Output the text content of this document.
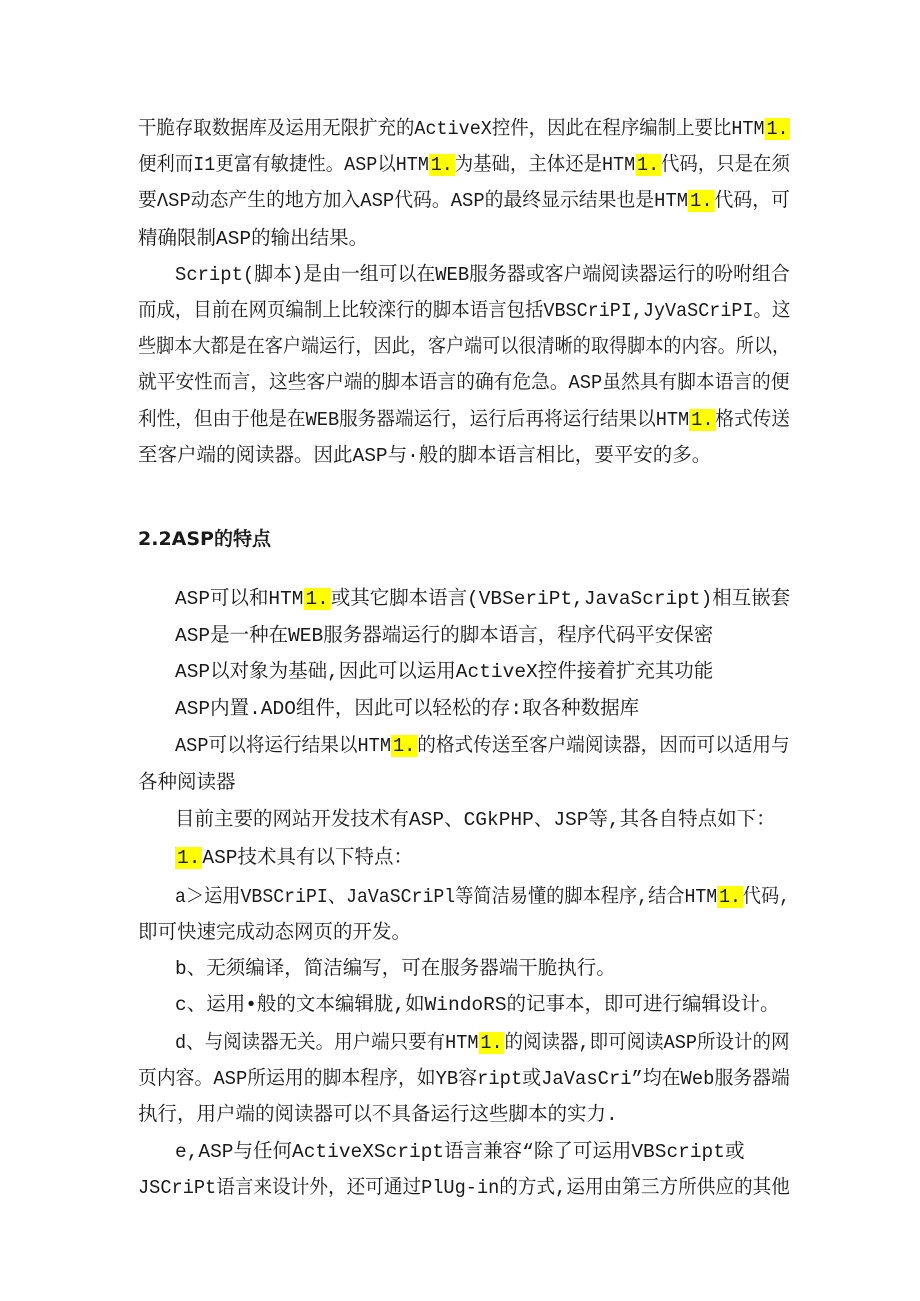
干脆存取数据库及运用无限扩充的ActiveX控件，因此在程序编制上要比HTM1.
便利而I1更富有敏捷性。ASP以HTM1.为基础，主体还是HTM1.代码，只是在须
要ΛSP动态产生的地方加入ASP代码。ASP的最终显示结果也是HTM1.代码，可
精确限制ASP的输出结果。
Script(脚本)是由一组可以在WEB服务器或客户端阅读器运行的吩咐组合
而成，目前在网页编制上比较滦行的脚本语言包括VBSCriPI,JyVaSCriPI。这
些脚本大都是在客户端运行，因此，客户端可以很清晰的取得脚本的内容。所以，
就平安性而言，这些客户端的脚本语言的确有危急。ASP虽然具有脚本语言的便
利性，但由于他是在WEB服务器端运行，运行后再将运行结果以HTM1.格式传送
至客户端的阅读器。因此ASP与·般的脚本语言相比，要平安的多。
2.2ASP的特点
ASP可以和HTM 1. 或其它脚本语言(VBSeriPt,JavaScript)相互嵌套
ASP是一种在WEB服务器端运行的脚本语言，程序代码平安保密
ASP以对象为基础,因此可以运用ActiveX控件接着扩充其功能
ASP内置.ADO组件，因此可以轻松的存:取各种数据库
ASP可以将运行结果以HTM1.的格式传送至客户端阅读器，因而可以适用与
各种阅读器
目前主要的网站开发技术有ASP、CGkPHP、JSP等,其各自特点如下：
1. ASP技术具有以下特点：
a＞运用VBSCriPI、JaVaSCriPl等简洁易懂的脚本程序,结合HTM1.代码,
即可快速完成动态网页的开发。
b、无须编译，简洁编写，可在服务器端干脆执行。
c、运用•般的文本编辑胧,如WindoRS的记事本，即可进行编辑设计。
d、与阅读器无关。用户端只要有HTM1.的阅读器,即可阅读ASP所设计的网
页内容。ASP所运用的脚本程序，如YB容ript或JaVasCri”均在Web服务器端
执行，用户端的阅读器可以不具备运行这些脚本的实力.
e,ASP与任何ActiveXScript语言兼容“除了可运用VBScript或
JSCriPt语言来设计外，还可通过PlUg-in的方式,运用由第三方所供应的其他
